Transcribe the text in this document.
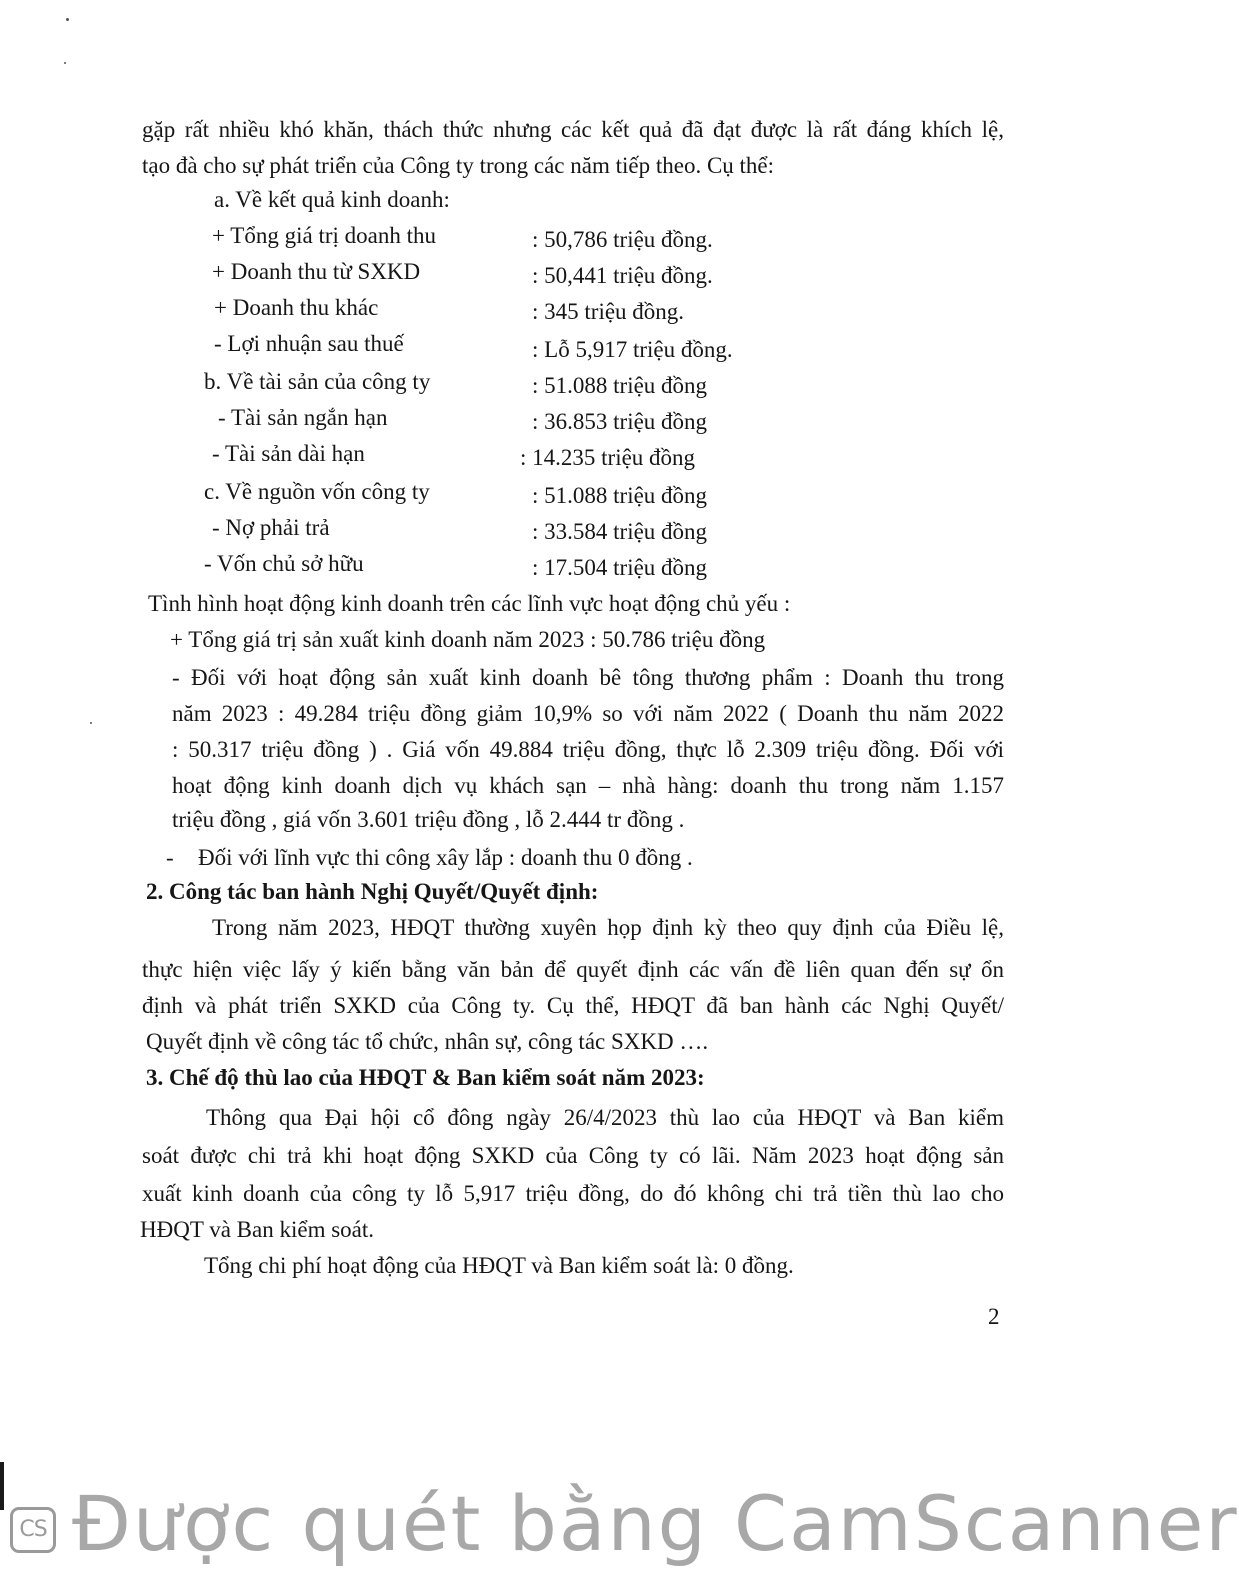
gặp rất nhiều khó khăn, thách thức nhưng các kết quả đã đạt được là rất đáng khích lệ,
tạo đà cho sự phát triển của Công ty trong các năm tiếp theo. Cụ thể:
a. Về kết quả kinh doanh:
+ Tổng giá trị doanh thu	: 50,786 triệu đồng.
+ Doanh thu từ SXKD	: 50,441 triệu đồng.
+ Doanh thu khác	: 345 triệu đồng.
- Lợi nhuận sau thuế	: Lỗ 5,917 triệu đồng.
b. Về tài sản của công ty	: 51.088 triệu đồng
- Tài sản ngắn hạn	: 36.853 triệu đồng
- Tài sản dài hạn	: 14.235 triệu đồng
c. Về nguồn vốn công ty	: 51.088 triệu đồng
- Nợ phải trả	: 33.584 triệu đồng
- Vốn chủ sở hữu	: 17.504 triệu đồng
Tình hình hoạt động kinh doanh trên các lĩnh vực hoạt động chủ yếu :
+ Tổng giá trị sản xuất kinh doanh năm 2023 : 50.786 triệu đồng
- Đối với hoạt động sản xuất kinh doanh bê tông thương phẩm : Doanh thu trong
năm 2023 : 49.284 triệu đồng giảm 10,9% so với năm 2022 ( Doanh thu năm 2022
: 50.317 triệu đồng ) . Giá vốn 49.884 triệu đồng, thực lỗ 2.309 triệu đồng. Đối với
hoạt động kinh doanh dịch vụ khách sạn – nhà hàng: doanh thu trong năm 1.157
triệu đồng , giá vốn 3.601 triệu đồng , lỗ 2.444 tr đồng .
- Đối với lĩnh vực thi công xây lắp : doanh thu 0 đồng .
2. Công tác ban hành Nghị Quyết/Quyết định:
Trong năm 2023, HĐQT thường xuyên họp định kỳ theo quy định của Điều lệ,
thực hiện việc lấy ý kiến bằng văn bản để quyết định các vấn đề liên quan đến sự ổn
định và phát triển SXKD của Công ty. Cụ thể, HĐQT đã ban hành các Nghị Quyết/
Quyết định về công tác tổ chức, nhân sự, công tác SXKD ….
3. Chế độ thù lao của HĐQT & Ban kiểm soát năm 2023:
Thông qua Đại hội cổ đông ngày 26/4/2023 thù lao của HĐQT và Ban kiểm
soát được chi trả khi hoạt động SXKD của Công ty có lãi. Năm 2023 hoạt động sản
xuất kinh doanh của công ty lỗ 5,917 triệu đồng, do đó không chi trả tiền thù lao cho
HĐQT và Ban kiểm soát.
Tổng chi phí hoạt động của HĐQT và Ban kiểm soát là: 0 đồng.
2
CS Được quét bằng CamScanner
